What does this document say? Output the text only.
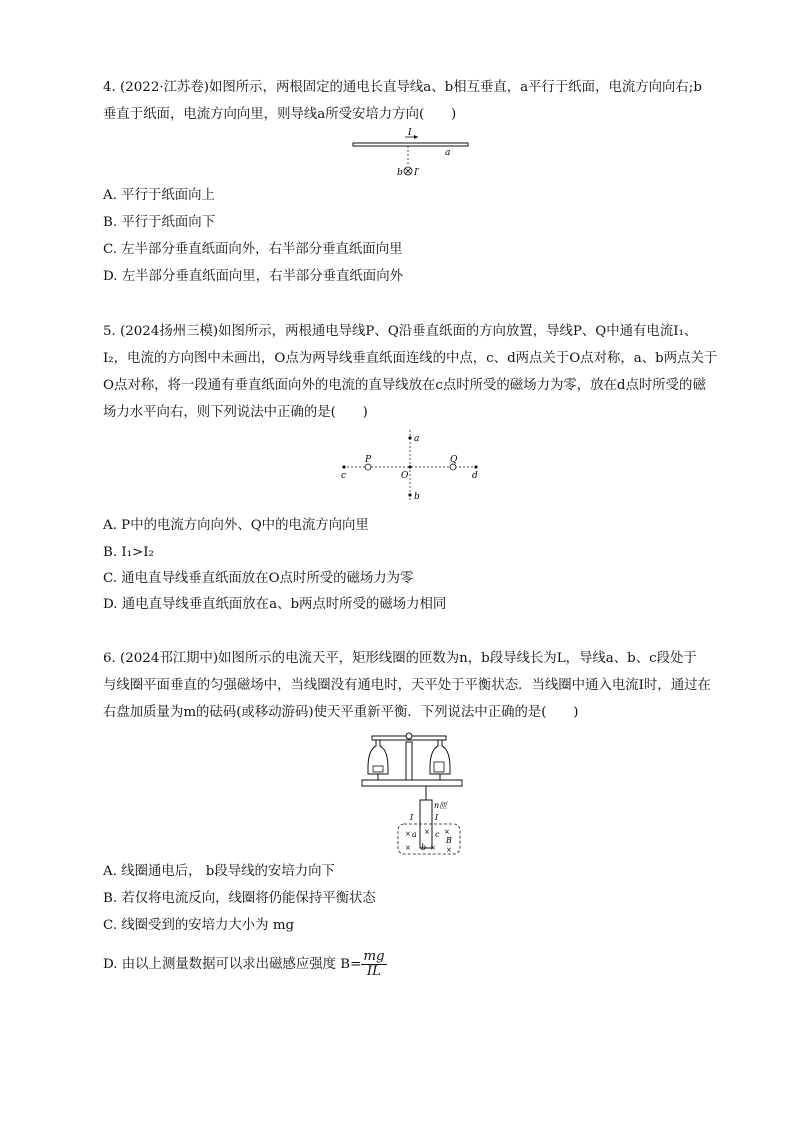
4. (2022·江苏卷)如图所示，两根固定的通电长直导线a、b相互垂直，a平行于纸面，电流方向向右;b

垂直于纸面，电流方向向里，则导线a所受安培力方向(　　)

I
a
b I′
A. 平行于纸面向上
B. 平行于纸面向下
C. 左半部分垂直纸面向外，右半部分垂直纸面向里
D. 左半部分垂直纸面向里，右半部分垂直纸面向外

5. (2024扬州三模)如图所示，两根通电导线P、Q沿垂直纸面的方向放置，导线P、Q中通有电流I₁、

I₂，电流的方向图中未画出，O点为两导线垂直纸面连线的中点，c、d两点关于O点对称，a、b两点关于

O点对称，将一段通有垂直纸面向外的电流的直导线放在c点时所受的磁场力为零，放在d点时所受的磁

场力水平向右，则下列说法中正确的是(　　)

a
b
c	d
O
P	Q
A. P中的电流方向向外、Q中的电流方向向里
B. I₁>I₂
C. 通电直导线垂直纸面放在O点时所受的磁场力为零
D. 通电直导线垂直纸面放在a、b两点时所受的磁场力相同

6. (2024邗江期中)如图所示的电流天平，矩形线圈的匝数为n，b段导线长为L，导线a、b、c段处于

与线圈平面垂直的匀强磁场中，当线圈没有通电时，天平处于平衡状态．当线圈中通入电流I时，通过在

右盘加质量为m的砝码(或移动游码)使天平重新平衡．下列说法中正确的是(　　)

n匝
I	I
× a × c ×
B
× b × ×
A. 线圈通电后， b段导线的安培力向下
B. 若仅将电流反向，线圈将仍能保持平衡状态
C. 线圈受到的安培力大小为 mg
D. 由以上测量数据可以求出磁感应强度 $B= \frac{mg}{IL}$
